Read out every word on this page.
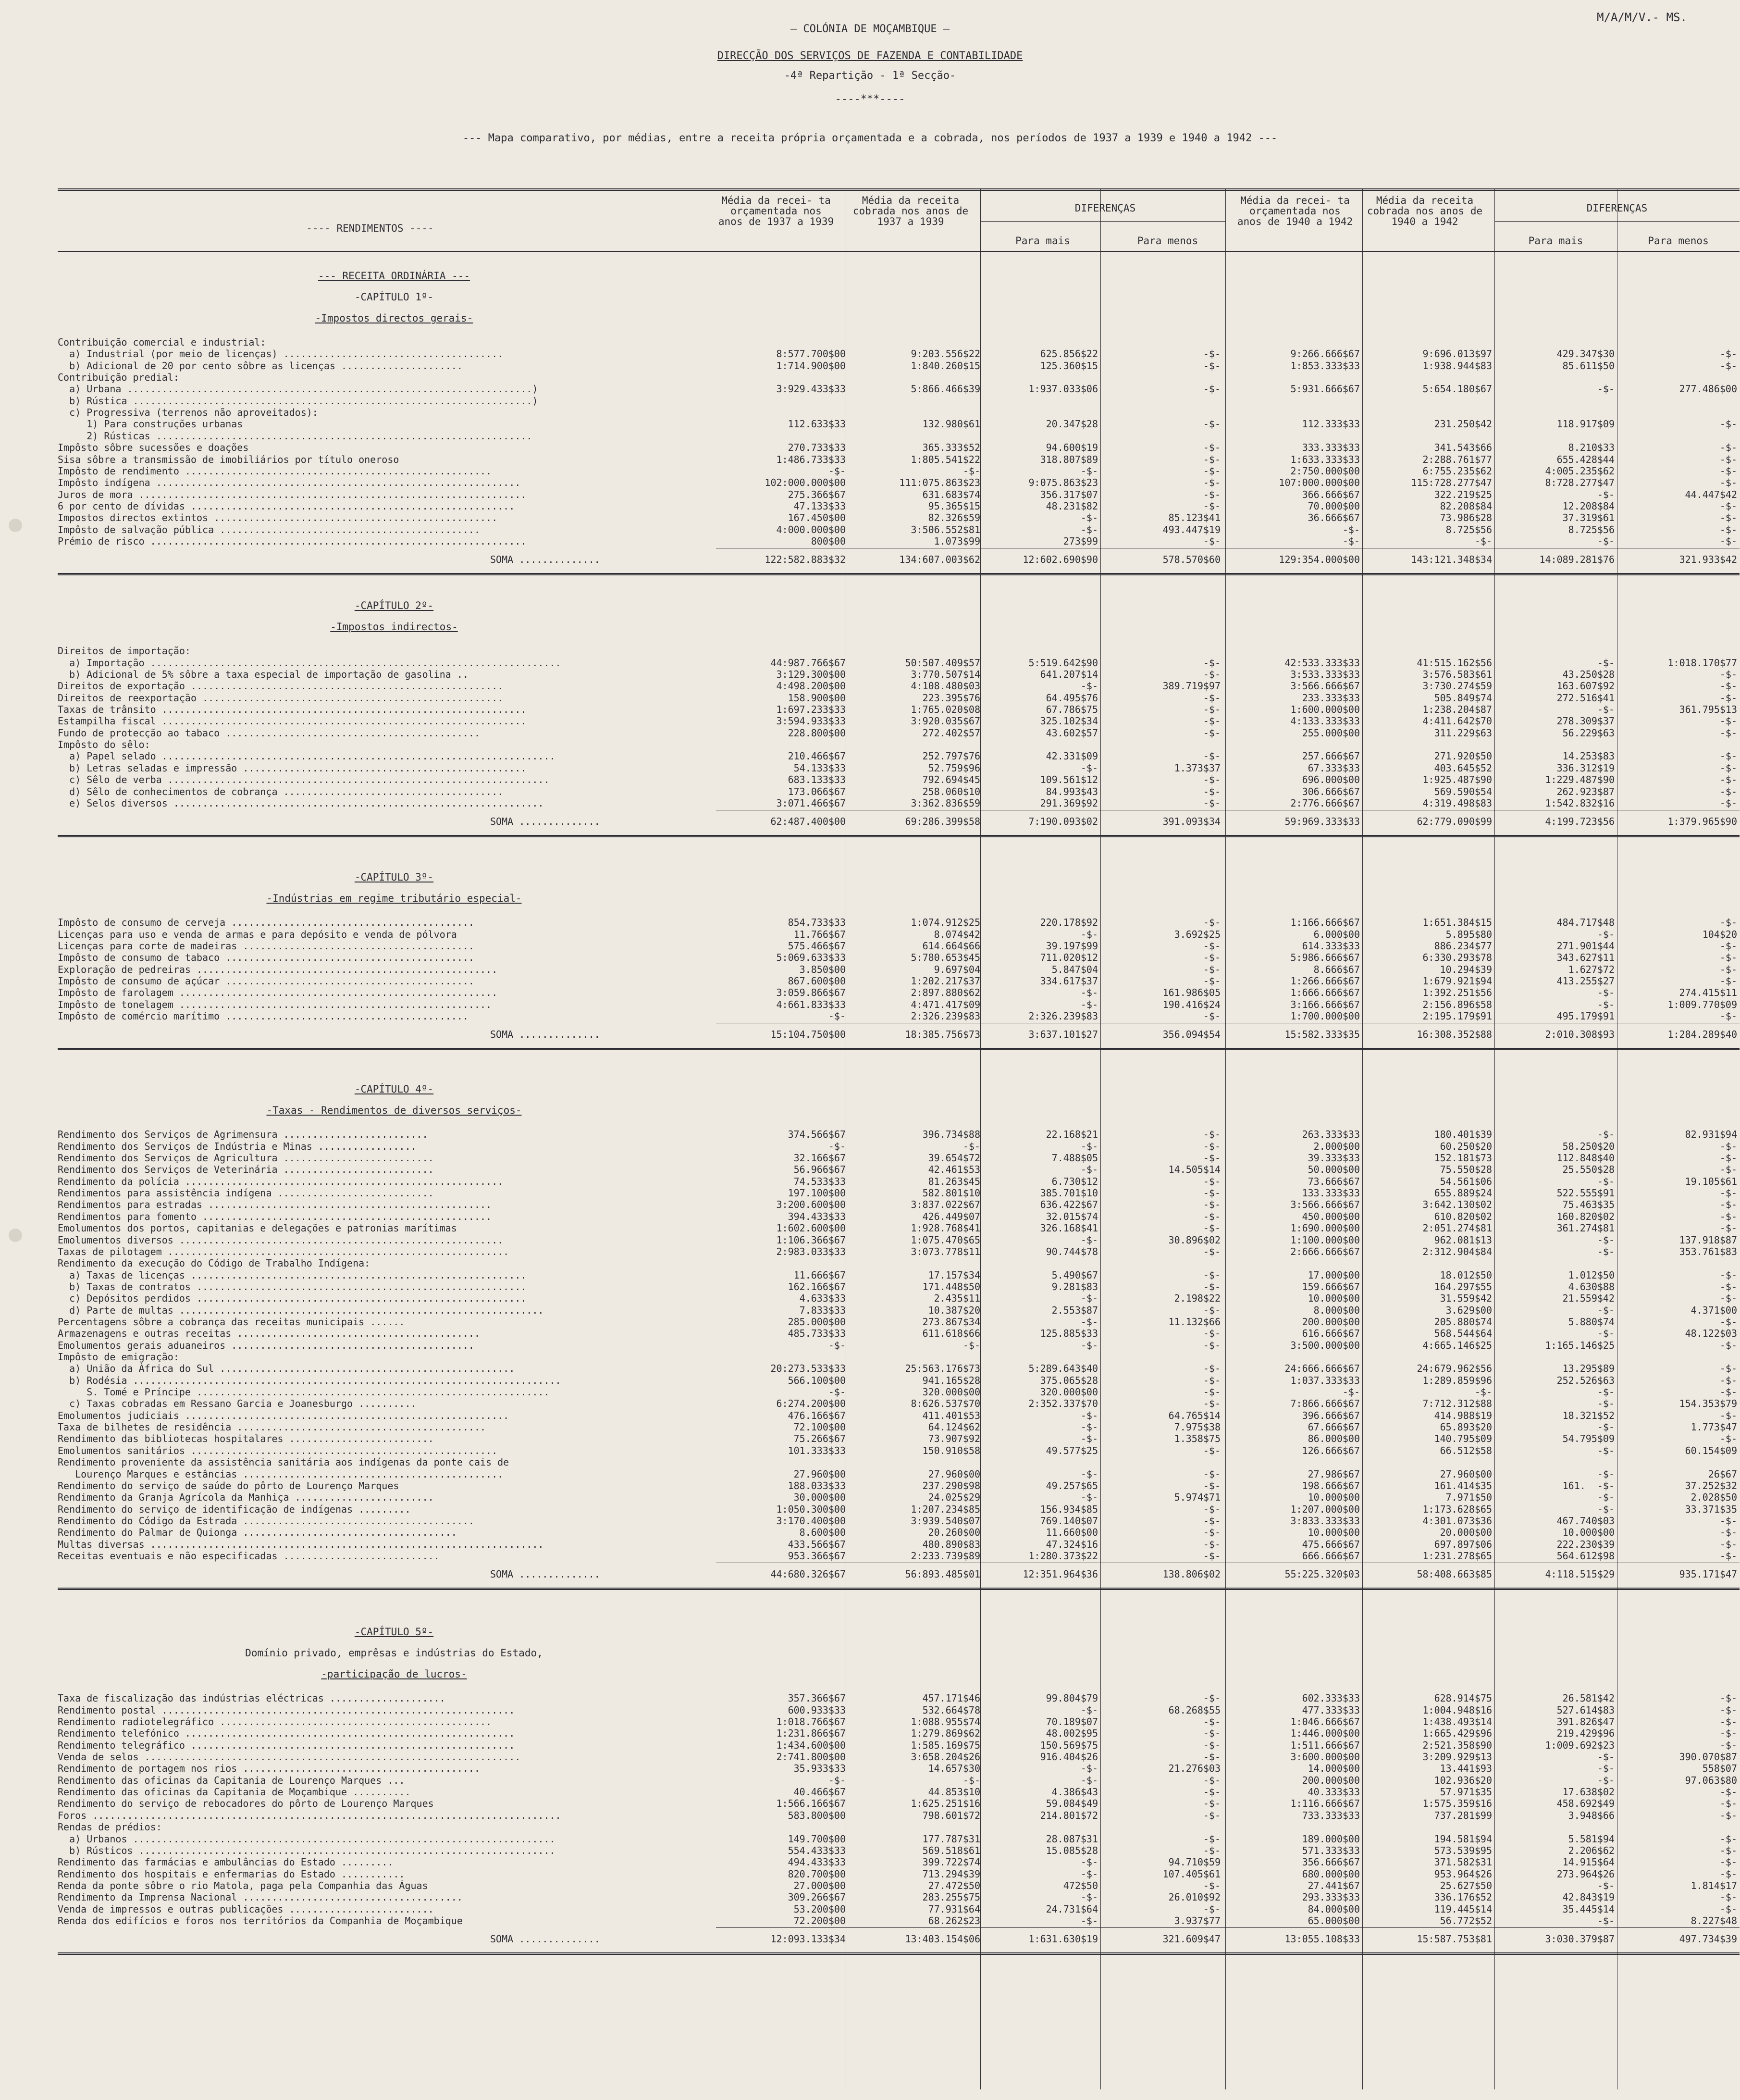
M/A/M/V.- MS.
— COLÓNIA DE MOÇAMBIQUE —
DIRECÇÃO DOS SERVIÇOS DE FAZENDA E CONTABILIDADE
-4ª Repartição - 1ª Secção-
----***----
--- Mapa comparativo, por médias, entre a receita própria orçamentada e a cobrada, nos períodos de 1937 a 1939 e 1940 a 1942 ---
---- RENDIMENTOS ----
Média da recei- ta orçamentada nos anos de 1937 a 1939
Média da receita cobrada nos anos de 1937 a 1939
DIFERENÇAS
Para mais	Para menos
Média da recei- ta orçamentada nos anos de 1940 a 1942
Média da receita cobrada nos anos de 1940 a 1942
DIFERENÇAS
Para mais	Para menos
--- RECEITA ORDINÁRIA ---
-CAPÍTULO 1º-
-Impostos directos gerais-
Contribuição comercial e industrial:
a) Industrial (por meio de licenças) ......................................	8:577.700$00	9:203.556$22	625.856$22	-$-	9:266.666$67	9:696.013$97	429.347$30	-$-
b) Adicional de 20 por cento sôbre as licenças .....................	1:714.900$00	1:840.260$15	125.360$15	-$-	1:853.333$33	1:938.944$83	85.611$50	-$-
Contribuição predial:
a) Urbana ......................................................................)	3:929.433$33	5:866.466$39	1:937.033$06	-$-	5:931.666$67	5:654.180$67	-$-	277.486$00
b) Rústica .....................................................................)
c) Progressiva (terrenos não aproveitados):
1) Para construções urbanas	112.633$33	132.980$61	20.347$28	-$-	112.333$33	231.250$42	118.917$09	-$-
2) Rústicas .................................................................
Impôsto sôbre sucessões e doações	270.733$33	365.333$52	94.600$19	-$-	333.333$33	341.543$66	8.210$33	-$-
Sisa sôbre a transmissão de imobiliários por título oneroso	1:486.733$33	1:805.541$22	318.807$89	-$-	1:633.333$33	2:288.761$77	655.428$44	-$-
Impôsto de rendimento .....................................................	-$-	-$-	-$-	-$-	2:750.000$00	6:755.235$62	4:005.235$62	-$-
Impôsto indígena ...............................................................	102:000.000$00	111:075.863$23	9:075.863$23	-$-	107:000.000$00	115:728.277$47	8:728.277$47	-$-
Juros de mora ...................................................................	275.366$67	631.683$74	356.317$07	-$-	366.666$67	322.219$25	-$-	44.447$42
6 por cento de dívidas ........................................................	47.133$33	95.365$15	48.231$82	-$-	70.000$00	82.208$84	12.208$84	-$-
Impostos directos extintos .................................................	167.450$00	82.326$59	-$-	85.123$41	36.666$67	73.986$28	37.319$61	-$-
Impôsto de salvação pública .............................................	4:000.000$00	3:506.552$81	-$-	493.447$19	-$-	8.725$56	8.725$56	-$-
Prémio de risco .................................................................	800$00	1.073$99	273$99	-$-	-$-	-$-	-$-	-$-
SOMA ..............	122:582.883$32	134:607.003$62	12:602.690$90	578.570$60	129:354.000$00	143:121.348$34	14:089.281$76	321.933$42
-CAPÍTULO 2º-
-Impostos indirectos-
Direitos de importação:
a) Importação .......................................................................	44:987.766$67	50:507.409$57	5:519.642$90	-$-	42:533.333$33	41:515.162$56	-$-	1:018.170$77
b) Adicional de 5% sôbre a taxa especial de importação de gasolina ..	3:129.300$00	3:770.507$14	641.207$14	-$-	3:533.333$33	3:576.583$61	43.250$28	-$-
Direitos de exportação ......................................................	4:498.200$00	4:108.480$03	-$-	389.719$97	3:566.666$67	3:730.274$59	163.607$92	-$-
Direitos de reexportação ....................................................	158.900$00	223.395$76	64.495$76	-$-	233.333$33	505.849$74	272.516$41	-$-
Taxas de trânsito ...............................................................	1:697.233$33	1:765.020$08	67.786$75	-$-	1:600.000$00	1:238.204$87	-$-	361.795$13
Estampilha fiscal ...............................................................	3:594.933$33	3:920.035$67	325.102$34	-$-	4:133.333$33	4:411.642$70	278.309$37	-$-
Fundo de protecção ao tabaco ............................................	228.800$00	272.402$57	43.602$57	-$-	255.000$00	311.229$63	56.229$63	-$-
Impôsto do sêlo:
a) Papel selado ....................................................................	210.466$67	252.797$76	42.331$09	-$-	257.666$67	271.920$50	14.253$83	-$-
b) Letras seladas e impressão .................................................	54.133$33	52.759$96	-$-	1.373$37	67.333$33	403.645$52	336.312$19	-$-
c) Sêlo de verba ..................................................................	683.133$33	792.694$45	109.561$12	-$-	696.000$00	1:925.487$90	1:229.487$90	-$-
d) Sêlo de conhecimentos de cobrança ......................................	173.066$67	258.060$10	84.993$43	-$-	306.666$67	569.590$54	262.923$87	-$-
e) Selos diversos ................................................................	3:071.466$67	3:362.836$59	291.369$92	-$-	2:776.666$67	4:319.498$83	1:542.832$16	-$-
SOMA ..............	62:487.400$00	69:286.399$58	7:190.093$02	391.093$34	59:969.333$33	62:779.090$99	4:199.723$56	1:379.965$90
-CAPÍTULO 3º-
-Indústrias em regime tributário especial-
Impôsto de consumo de cerveja ..........................................	854.733$33	1:074.912$25	220.178$92	-$-	1:166.666$67	1:651.384$15	484.717$48	-$-
Licenças para uso e venda de armas e para depósito e venda de pólvora	11.766$67	8.074$42	-$-	3.692$25	6.000$00	5.895$80	-$-	104$20
Licenças para corte de madeiras ........................................	575.466$67	614.664$66	39.197$99	-$-	614.333$33	886.234$77	271.901$44	-$-
Impôsto de consumo de tabaco ...........................................	5:069.633$33	5:780.653$45	711.020$12	-$-	5:986.666$67	6:330.293$78	343.627$11	-$-
Exploração de pedreiras ....................................................	3.850$00	9.697$04	5.847$04	-$-	8.666$67	10.294$39	1.627$72	-$-
Impôsto de consumo de açúcar ...........................................	867.600$00	1:202.217$37	334.617$37	-$-	1:266.666$67	1:679.921$94	413.255$27	-$-
Impôsto de farolagem .......................................................	3:059.866$67	2:897.880$62	-$-	161.986$05	1:666.666$67	1:392.251$56	-$-	274.415$11
Impôsto de tonelagem ......................................................	4:661.833$33	4:471.417$09	-$-	190.416$24	3:166.666$67	2:156.896$58	-$-	1:009.770$09
Impôsto de comércio marítimo ..........................................	-$-	2:326.239$83	2:326.239$83	-$-	1:700.000$00	2:195.179$91	495.179$91	-$-
SOMA ..............	15:104.750$00	18:385.756$73	3:637.101$27	356.094$54	15:582.333$35	16:308.352$88	2:010.308$93	1:284.289$40
-CAPÍTULO 4º-
-Taxas - Rendimentos de diversos serviços-
Rendimento dos Serviços de Agrimensura .........................	374.566$67	396.734$88	22.168$21	-$-	263.333$33	180.401$39	-$-	82.931$94
Rendimento dos Serviços de Indústria e Minas .................	-$-	-$-	-$-	-$-	2.000$00	60.250$20	58.250$20	-$-
Rendimento dos Serviços de Agricultura ..........................	32.166$67	39.654$72	7.488$05	-$-	39.333$33	152.181$73	112.848$40	-$-
Rendimento dos Serviços de Veterinária ..........................	56.966$67	42.461$53	-$-	14.505$14	50.000$00	75.550$28	25.550$28	-$-
Rendimento da polícia .......................................................	74.533$33	81.263$45	6.730$12	-$-	73.666$67	54.561$06	-$-	19.105$61
Rendimentos para assistência indígena ...........................	197.100$00	582.801$10	385.701$10	-$-	133.333$33	655.889$24	522.555$91	-$-
Rendimentos para estradas .................................................	3:200.600$00	3:837.022$67	636.422$67	-$-	3:566.666$67	3:642.130$02	75.463$35	-$-
Rendimentos para fomento ..................................................	394.433$33	426.449$07	32.015$74	-$-	450.000$00	610.820$02	160.820$02	-$-
Emolumentos dos portos, capitanias e delegações e patronias marítimas	1:602.600$00	1:928.768$41	326.168$41	-$-	1:690.000$00	2:051.274$81	361.274$81	-$-
Emolumentos diversos ........................................................	1:106.366$67	1:075.470$65	-$-	30.896$02	1:100.000$00	962.081$13	-$-	137.918$87
Taxas de pilotagem ...........................................................	2:983.033$33	3:073.778$11	90.744$78	-$-	2:666.666$67	2:312.904$84	-$-	353.761$83
Rendimento da execução do Código de Trabalho Indígena:
a) Taxas de licenças ..........................................................	11.666$67	17.157$34	5.490$67	-$-	17.000$00	18.012$50	1.012$50	-$-
b) Taxas de contratos .........................................................	162.166$67	171.448$50	9.281$83	-$-	159.666$67	164.297$55	4.630$88	-$-
c) Depósitos perdidos .........................................................	4.633$33	2.435$11	-$-	2.198$22	10.000$00	31.559$42	21.559$42	-$-
d) Parte de multas ...............................................................	7.833$33	10.387$20	2.553$87	-$-	8.000$00	3.629$00	-$-	4.371$00
Percentagens sôbre a cobrança das receitas municipais ......	285.000$00	273.867$34	-$-	11.132$66	200.000$00	205.880$74	5.880$74	-$-
Armazenagens e outras receitas ..........................................	485.733$33	611.618$66	125.885$33	-$-	616.666$67	568.544$64	-$-	48.122$03
Emolumentos gerais aduaneiros ..........................................	-$-	-$-	-$-	-$-	3:500.000$00	4:665.146$25	1:165.146$25	-$-
Impôsto de emigração:
a) União da África do Sul ...................................................	20:273.533$33	25:563.176$73	5:289.643$40	-$-	24:666.666$67	24:679.962$56	13.295$89	-$-
b) Rodésia ..........................................................................	566.100$00	941.165$28	375.065$28	-$-	1:037.333$33	1:289.859$96	252.526$63	-$-
S. Tomé e Príncipe .............................................................	-$-	320.000$00	320.000$00	-$-	-$-	-$-	-$-	-$-
c) Taxas cobradas em Ressano Garcia e Joanesburgo ..........	6:274.200$00	8:626.537$70	2:352.337$70	-$-	7:866.666$67	7:712.312$88	-$-	154.353$79
Emolumentos judiciais ........................................................	476.166$67	411.401$53	-$-	64.765$14	396.666$67	414.988$19	18.321$52	-$-
Taxa de bilhetes de residência ...........................................	72.100$00	64.124$62	-$-	7.975$38	67.666$67	65.893$20	-$-	1.773$47
Rendimento das bibliotecas hospitalares .........................	75.266$67	73.907$92	-$-	1.358$75	86.000$00	140.795$09	54.795$09	-$-
Emolumentos sanitários .....................................................	101.333$33	150.910$58	49.577$25	-$-	126.666$67	66.512$58	-$-	60.154$09
Rendimento proveniente da assistência sanitária aos indígenas da ponte cais de
Lourenço Marques e estâncias .............................................	27.960$00	27.960$00	-$-	-$-	27.986$67	27.960$00	-$-	26$67
Rendimento do serviço de saúde do pôrto de Lourenço Marques	188.033$33	237.290$98	49.257$65	-$-	198.666$67	161.414$35	161.  -$-	37.252$32
Rendimento da Granja Agrícola da Manhiça ........................	30.000$00	24.025$29	-$-	5.974$71	10.000$00	7.971$50	-$-	2.028$50
Rendimento do serviço de identificação de indígenas .........	1:050.300$00	1:207.234$85	156.934$85	-$-	1:207.000$00	1:173.628$65	-$-	33.371$35
Rendimento do Código da Estrada ........................................	3:170.400$00	3:939.540$07	769.140$07	-$-	3:833.333$33	4:301.073$36	467.740$03	-$-
Rendimento do Palmar de Quionga .....................................	8.600$00	20.260$00	11.660$00	-$-	10.000$00	20.000$00	10.000$00	-$-
Multas diversas ....................................................................	433.566$67	480.890$83	47.324$16	-$-	475.666$67	697.897$06	222.230$39	-$-
Receitas eventuais e não especificadas ...........................	953.366$67	2:233.739$89	1:280.373$22	-$-	666.666$67	1:231.278$65	564.612$98	-$-
SOMA ..............	44:680.326$67	56:893.485$01	12:351.964$36	138.806$02	55:225.320$03	58:408.663$85	4:118.515$29	935.171$47
-CAPÍTULO 5º-
Domínio privado, emprêsas e indústrias do Estado,
-participação de lucros-
Taxa de fiscalização das indústrias eléctricas ....................	357.366$67	457.171$46	99.804$79	-$-	602.333$33	628.914$75	26.581$42	-$-
Rendimento postal .............................................................	600.933$33	532.664$78	-$-	68.268$55	477.333$33	1:004.948$16	527.614$83	-$-
Rendimento radiotelegráfico ...............................................	1:018.766$67	1:088.955$74	70.189$07	-$-	1:046.666$67	1:438.493$14	391.826$47	-$-
Rendimento telefónico .........................................................	1:231.866$67	1:279.869$62	48.002$95	-$-	1:446.000$00	1:665.429$96	219.429$96	-$-
Rendimento telegráfico ........................................................	1:434.600$00	1:585.169$75	150.569$75	-$-	1:511.666$67	2:521.358$90	1:009.692$23	-$-
Venda de selos .................................................................	2:741.800$00	3:658.204$26	916.404$26	-$-	3:600.000$00	3:209.929$13	-$-	390.070$87
Rendimento de portagem nos rios .........................................	35.933$33	14.657$30	-$-	21.276$03	14.000$00	13.441$93	-$-	558$07
Rendimento das oficinas da Capitania de Lourenço Marques ...	-$-	-$-	-$-	-$-	200.000$00	102.936$20	-$-	97.063$80
Rendimento das oficinas da Capitania de Moçambique ..........	40.466$67	44.853$10	4.386$43	-$-	40.333$33	57.971$35	17.638$02	-$-
Rendimento do serviço de rebocadores do pôrto de Lourenço Marques	1:566.166$67	1:625.251$16	59.084$49	-$-	1:116.666$67	1:575.359$16	458.692$49	-$-
Foros .................................................................................	583.800$00	798.601$72	214.801$72	-$-	733.333$33	737.281$99	3.948$66	-$-
Rendas de prédios:
a) Urbanos .........................................................................	149.700$00	177.787$31	28.087$31	-$-	189.000$00	194.581$94	5.581$94	-$-
b) Rústicos ........................................................................	554.433$33	569.518$61	15.085$28	-$-	571.333$33	573.539$95	2.206$62	-$-
Rendimento das farmácias e ambulâncias do Estado .........	494.433$33	399.722$74	-$-	94.710$59	356.666$67	371.582$31	14.915$64	-$-
Rendimento dos hospitais e enfermarias do Estado ...........	820.700$00	713.294$39	-$-	107.405$61	680.000$00	953.964$26	273.964$26	-$-
Renda da ponte sôbre o rio Matola, paga pela Companhia das Águas	27.000$00	27.472$50	472$50	-$-	27.441$67	25.627$50	-$-	1.814$17
Rendimento da Imprensa Nacional ......................................	309.266$67	283.255$75	-$-	26.010$92	293.333$33	336.176$52	42.843$19	-$-
Venda de impressos e outras publicações .........................	53.200$00	77.931$64	24.731$64	-$-	84.000$00	119.445$14	35.445$14	-$-
Renda dos edifícios e foros nos territórios da Companhia de Moçambique	72.200$00	68.262$23	-$-	3.937$77	65.000$00	56.772$52	-$-	8.227$48
SOMA ..............	12:093.133$34	13:403.154$06	1:631.630$19	321.609$47	13:055.108$33	15:587.753$81	3:030.379$87	497.734$39
